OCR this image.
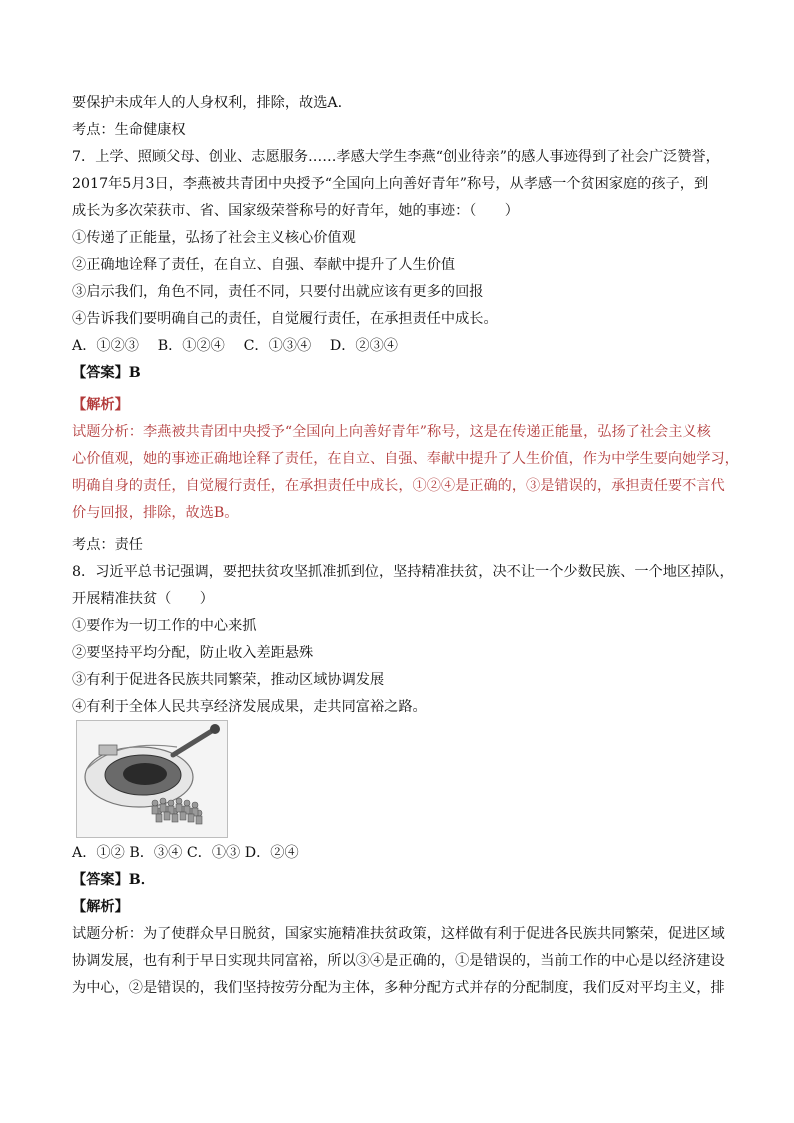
要保护未成年人的人身权利，排除，故选A.

考点：生命健康权

7．上学、照顾父母、创业、志愿服务……孝感大学生李燕“创业待亲”的感人事迹得到了社会广泛赞誉，

2017年5月3日，李燕被共青团中央授予“全国向上向善好青年”称号，从孝感一个贫困家庭的孩子，到

成长为多次荣获市、省、国家级荣誉称号的好青年，她的事迹：（　　）

①传递了正能量，弘扬了社会主义核心价值观

②正确地诠释了责任，在自立、自强、奉献中提升了人生价值

③启示我们，角色不同，责任不同，只要付出就应该有更多的回报

④告诉我们要明确自己的责任，自觉履行责任，在承担责任中成长。

A．①②③　 B．①②④　 C．①③④　 D．②③④

【答案】B

【解析】

试题分析：李燕被共青团中央授予“全国向上向善好青年”称号，这是在传递正能量，弘扬了社会主义核

心价值观，她的事迹正确地诠释了责任，在自立、自强、奉献中提升了人生价值，作为中学生要向她学习，

明确自身的责任，自觉履行责任，在承担责任中成长，①②④是正确的，③是错误的，承担责任要不言代

价与回报，排除，故选B。

考点：责任

8．习近平总书记强调，要把扶贫攻坚抓准抓到位，坚持精准扶贫，决不让一个少数民族、一个地区掉队，

开展精准扶贫（　　）

①要作为一切工作的中心来抓

②要坚持平均分配，防止收入差距悬殊

③有利于促进各民族共同繁荣，推动区域协调发展

④有利于全体人民共享经济发展成果，走共同富裕之路。

A．①② B．③④ C．①③ D．②④

【答案】B．

【解析】

试题分析：为了使群众早日脱贫，国家实施精准扶贫政策，这样做有利于促进各民族共同繁荣，促进区域

协调发展，也有利于早日实现共同富裕，所以③④是正确的，①是错误的，当前工作的中心是以经济建设

为中心，②是错误的，我们坚持按劳分配为主体，多种分配方式并存的分配制度，我们反对平均主义，排
